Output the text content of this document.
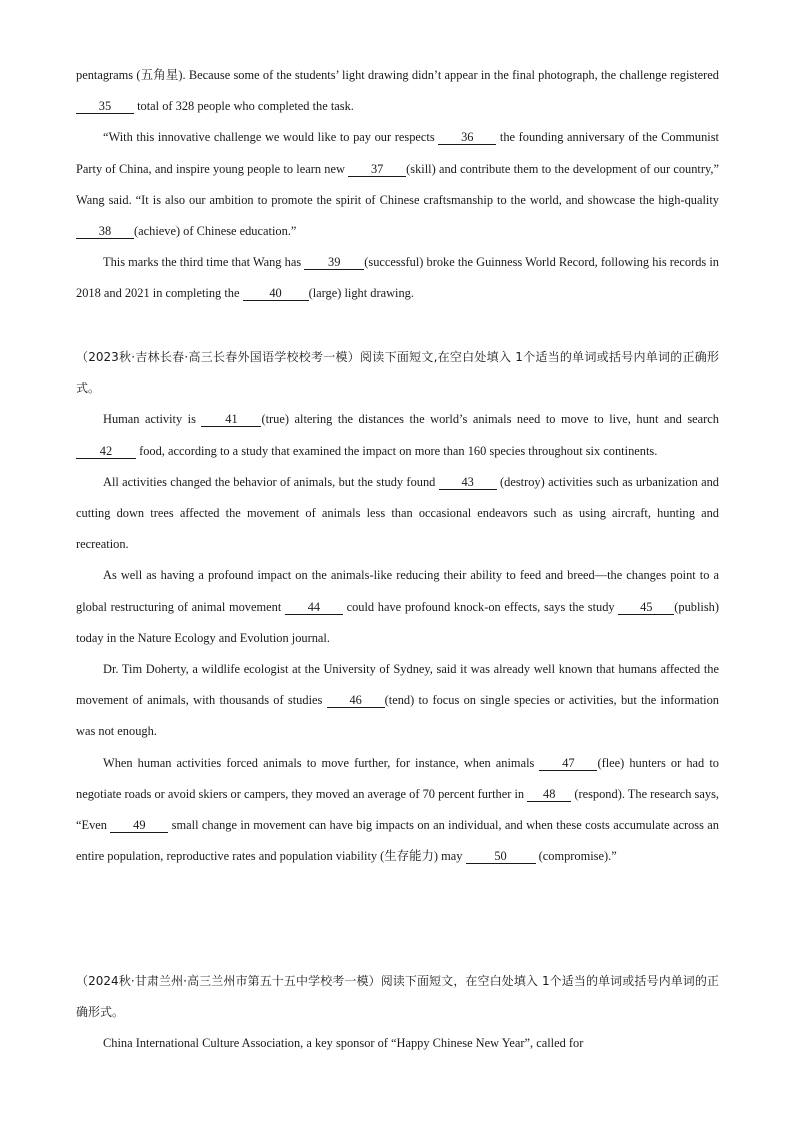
pentagrams (五角星). Because some of the students’ light drawing didn’t appear in the final photograph, the challenge registered 35 total of 328 people who completed the task.

“With this innovative challenge we would like to pay our respects 36 the founding anniversary of the Communist Party of China, and inspire young people to learn new 37 (skill) and contribute them to the development of our country,” Wang said. “It is also our ambition to promote the spirit of Chinese craftsmanship to the world, and showcase the high-quality 38 (achieve) of Chinese education.”

This marks the third time that Wang has 39 (successful) broke the Guinness World Record, following his records in 2018 and 2021 in completing the 40 (large) light drawing.

（2023秋·吉林长春·高三长春外国语学校校考一模）阅读下面短文,在空白处填入 1个适当的单词或括号内单词的正确形式。

Human activity is 41 (true) altering the distances the world’s animals need to move to live, hunt and search 42 food, according to a study that examined the impact on more than 160 species throughout six continents.

All activities changed the behavior of animals, but the study found 43 (destroy) activities such as urbanization and cutting down trees affected the movement of animals less than occasional endeavors such as using aircraft, hunting and recreation.

As well as having a profound impact on the animals-like reducing their ability to feed and breed—the changes point to a global restructuring of animal movement 44 could have profound knock-on effects, says the study 45 (publish) today in the Nature Ecology and Evolution journal.

Dr. Tim Doherty, a wildlife ecologist at the University of Sydney, said it was already well known that humans affected the movement of animals, with thousands of studies 46 (tend) to focus on single species or activities, but the information was not enough.

When human activities forced animals to move further, for instance, when animals 47 (flee) hunters or had to negotiate roads or avoid skiers or campers, they moved an average of 70 percent further in 48 (respond). The research says, “Even 49 small change in movement can have big impacts on an individual, and when these costs accumulate across an entire population, reproductive rates and population viability (生存能力) may 50 (compromise).”

（2024秋·甘肃兰州·高三兰州市第五十五中学校考一模）阅读下面短文，在空白处填入 1个适当的单词或括号内单词的正确形式。

China International Culture Association, a key sponsor of “Happy Chinese New Year”, called for
